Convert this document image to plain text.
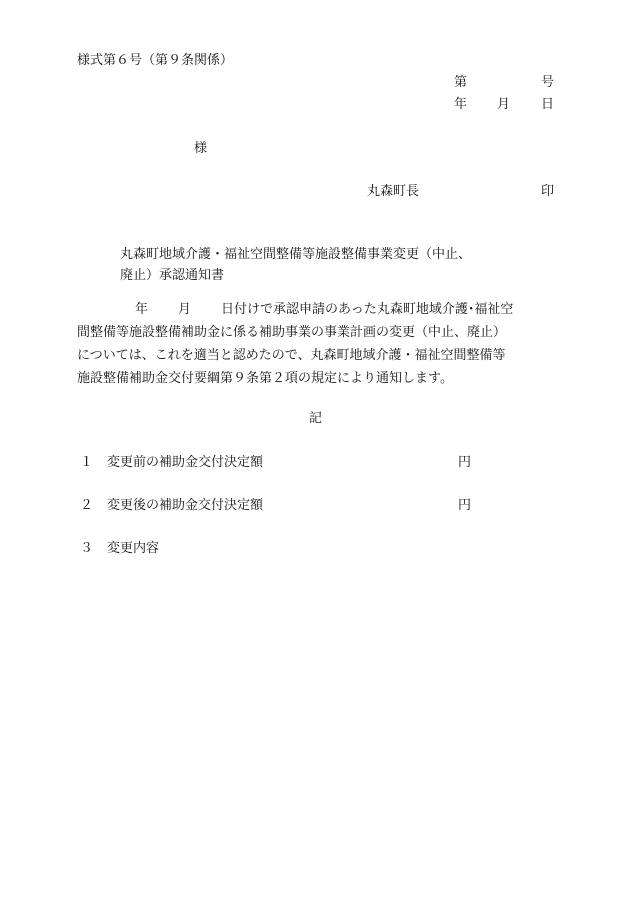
様式第６号（第９条関係）
第	号
年 月 日
様
丸森町長	印
丸森町地域介護・福祉空間整備等施設整備事業変更（中止、
廃止）承認通知書
年 月 日付けで承認申請のあった丸森町地域介護･福祉空
間整備等施設整備補助金に係る補助事業の事業計画の変更（中止、廃止）
については、これを適当と認めたので、丸森町地域介護・福祉空間整備等
施設整備補助金交付要綱第９条第２項の規定により通知します。
記
１ 変更前の補助金交付決定額	円
２ 変更後の補助金交付決定額	円
３ 変更内容
